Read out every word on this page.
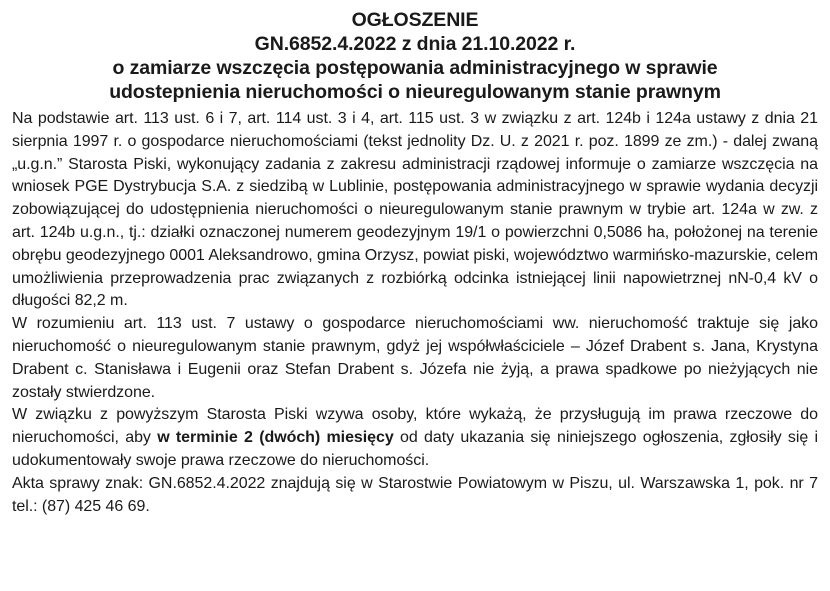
OGŁOSZENIE
GN.6852.4.2022 z dnia 21.10.2022 r.
o zamiarze wszczęcia postępowania administracyjnego w sprawie
udostepnienia nieruchomości o nieuregulowanym stanie prawnym

Na podstawie art. 113 ust. 6 i 7, art. 114 ust. 3 i 4, art. 115 ust. 3 w związku z art. 124b i 124a ustawy z dnia 21 sierpnia 1997 r. o gospodarce nieruchomościami (tekst jednolity Dz. U. z 2021 r. poz. 1899 ze zm.) - dalej zwaną „u.g.n.” Starosta Piski, wykonujący zadania z zakresu administracji rządowej informuje o zamiarze wszczęcia na wniosek PGE Dystrybucja S.A. z siedzibą w Lublinie, postępowania administracyjnego w sprawie wydania decyzji zobowiązującej do udostępnienia nieruchomości o nieuregulowanym stanie prawnym w trybie art. 124a w zw. z art. 124b u.g.n., tj.: działki oznaczonej numerem geodezyjnym 19/1 o powierzchni 0,5086 ha, położonej na terenie obrębu geodezyjnego 0001 Aleksandrowo, gmina Orzysz, powiat piski, województwo warmińsko-mazurskie, celem umożliwienia przeprowadzenia prac związanych z rozbiórką odcinka istniejącej linii napowietrznej nN-0,4 kV o długości 82,2 m.

W rozumieniu art. 113 ust. 7 ustawy o gospodarce nieruchomościami ww. nieruchomość traktuje się jako nieruchomość o nieuregulowanym stanie prawnym, gdyż jej współwłaściciele – Józef Drabent s. Jana, Krystyna Drabent c. Stanisława i Eugenii oraz Stefan Drabent s. Józefa nie żyją, a prawa spadkowe po nieżyjących nie zostały stwierdzone.

W związku z powyższym Starosta Piski wzywa osoby, które wykażą, że przysługują im prawa rzeczowe do nieruchomości, aby w terminie 2 (dwóch) miesięcy od daty ukazania się niniejszego ogłoszenia, zgłosiły się i udokumentowały swoje prawa rzeczowe do nieruchomości.

Akta sprawy znak: GN.6852.4.2022 znajdują się w Starostwie Powiatowym w Piszu, ul. Warszawska 1, pok. nr 7 tel.: (87) 425 46 69.
